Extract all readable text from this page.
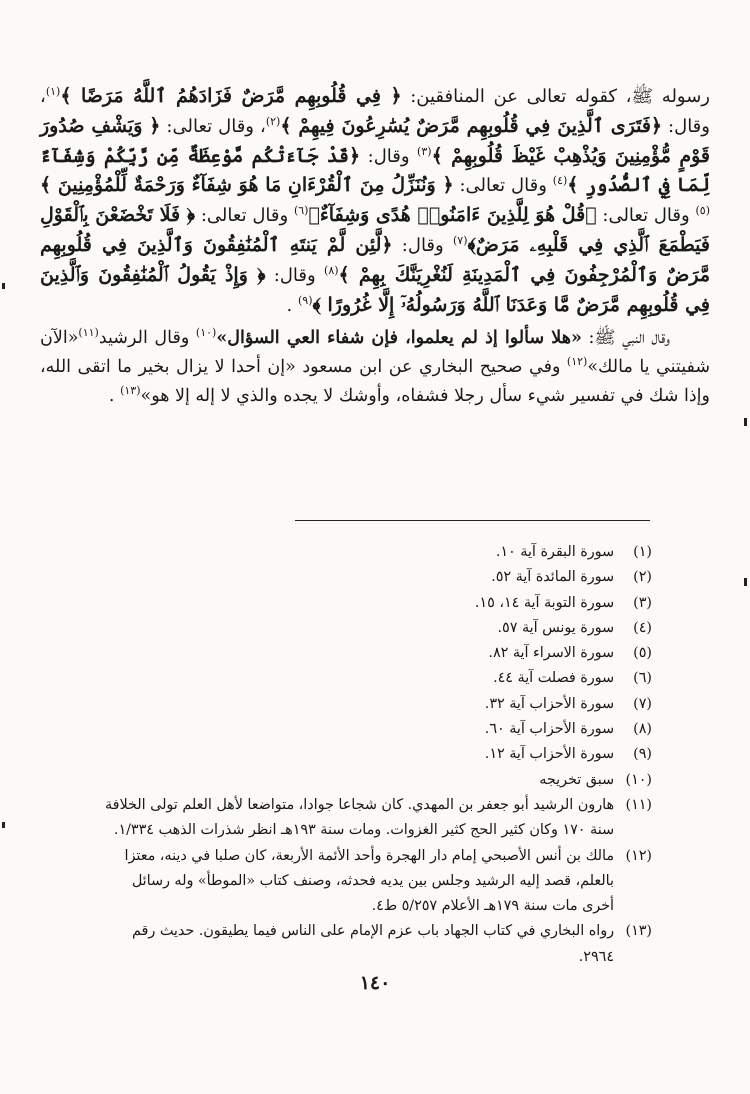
رسوله ﷺ، كقوله تعالى عن المنافقين: ﴿ فِي قُلُوبِهِم مَّرَضٌ فَزَادَهُمُ ٱللَّهُ مَرَضًا ﴾$^{(١)}$، وقال: ﴿فَتَرَى ٱلَّذِينَ فِي قُلُوبِهِم مَّرَضٌ يُسَٰرِعُونَ فِيهِمْ ﴾$^{(٢)}$، وقال تعالى: ﴿ وَيَشْفِ صُدُورَ قَوْمٍ مُّؤْمِنِينَ وَيُذْهِبْ غَيْظَ قُلُوبِهِمْ ﴾$^{(٣)}$ وقال: ﴿قَدْ جَآءَتْكُم مَّوْعِظَةٌ مِّن رَّبِّكُمْ وَشِفَآءٌ لِّمَا فِي ٱلصُّدُورِ ﴾$^{(٤)}$ وقال تعالى: ﴿ وَنُنَزِّلُ مِنَ ٱلْقُرْءَانِ مَا هُوَ شِفَآءٌ وَرَحْمَةٌ لِّلْمُؤْمِنِينَ ﴾$^{(٥)}$ وقال تعالى: ﴿قُلْ هُوَ لِلَّذِينَ ءَامَنُوا۟ هُدًى وَشِفَآءٌ﴾$^{(٦)}$ وقال تعالى: ﴿ فَلَا تَخْضَعْنَ بِٱلْقَوْلِ فَيَطْمَعَ ٱلَّذِي فِي قَلْبِهِۦ مَرَضٌ﴾$^{(٧)}$ وقال: ﴿لَّئِن لَّمْ يَنتَهِ ٱلْمُنَٰفِقُونَ وَٱلَّذِينَ فِي قُلُوبِهِم مَّرَضٌ وَٱلْمُرْجِفُونَ فِي ٱلْمَدِينَةِ لَنُغْرِيَنَّكَ بِهِمْ ﴾$^{(٨)}$ وقال: ﴿ وَإِذْ يَقُولُ ٱلْمُنَٰفِقُونَ وَٱلَّذِينَ فِي قُلُوبِهِم مَّرَضٌ مَّا وَعَدَنَا ٱللَّهُ وَرَسُولُهُۥٓ إِلَّا غُرُورًا ﴾$^{(٩)}$ .

وقال النبي ﷺ: «هلا سألوا إذ لم يعلموا، فإن شفاء العي السؤال»$^{(١٠)}$ وقال الرشيد$^{(١١)}$«الآن شفيتني يا مالك»$^{(١٢)}$ وفي صحيح البخاري عن ابن مسعود «إن أحدا لا يزال بخير ما اتقى الله، وإذا شك في تفسير شيء سأل رجلا فشفاه، وأوشك لا يجده والذي لا إله إلا هو»$^{(١٣)}$ .

(١)
سورة البقرة آية ١٠.
(٢)
سورة المائدة آية ٥٢.
(٣)
سورة التوبة آية ١٤، ١٥.
(٤)
سورة يونس آية ٥٧.
(٥)
سورة الاسراء آية ٨٢.
(٦)
سورة فصلت آية ٤٤.
(٧)
سورة الأحزاب آية ٣٢.
(٨)
سورة الأحزاب آية ٦٠.
(٩)
سورة الأحزاب آية ١٢.
(١٠)
سبق تخريجه
(١١)
هارون الرشيد أبو جعفر بن المهدي. كان شجاعا جوادا، متواضعا لأهل العلم تولى الخلافة سنة ١٧٠ وكان كثير الحج كثير الغزوات. ومات سنة ١٩٣هـ انظر شذرات الذهب ١/٣٣٤.
(١٢)
مالك بن أنس الأصبحي إمام دار الهجرة وأحد الأئمة الأربعة، كان صلبا في دينه، معتزا بالعلم، قصد إليه الرشيد وجلس بين يديه فحدثه، وصنف كتاب «الموطأ» وله رسائل أخرى مات سنة ١٧٩هـ الأعلام ٥/٢٥٧ ط٤.
(١٣)
رواه البخاري في كتاب الجهاد باب عزم الإمام على الناس فيما يطيقون. حديث رقم ٢٩٦٤.
١٤٠
